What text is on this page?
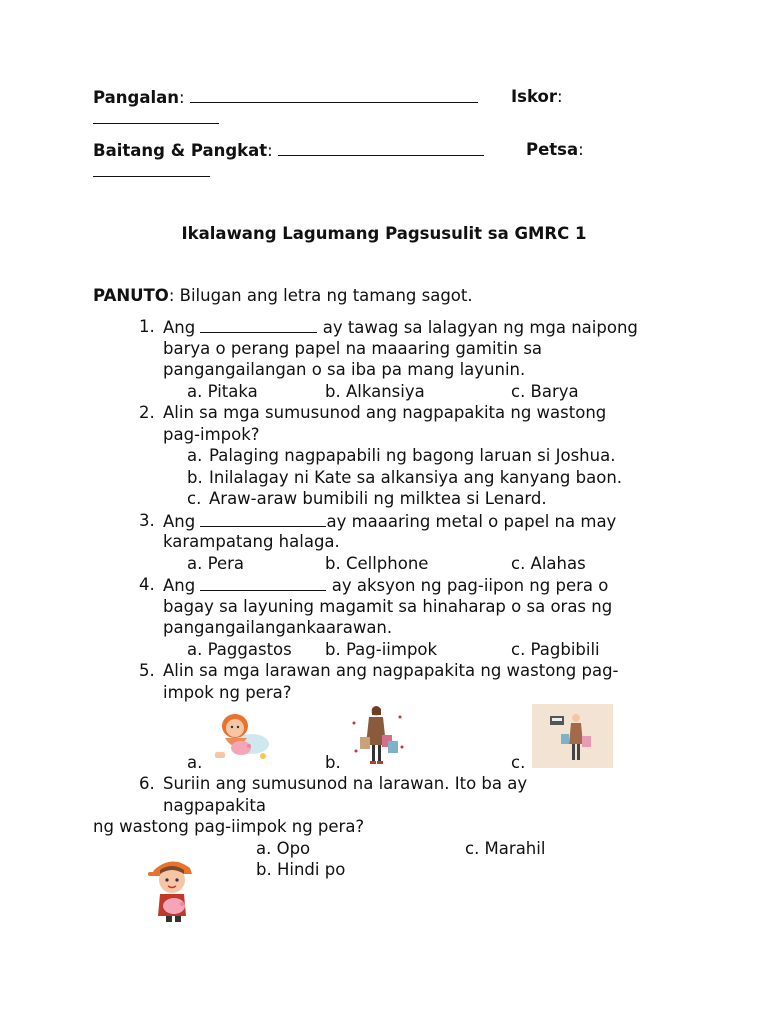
Pangalan:	Iskor:
Baitang & Pangkat:	Petsa:
Ikalawang Lagumang Pagsusulit sa GMRC 1
PANUTO: Bilugan ang letra ng tamang sagot.
1. Ang	ay tawag sa lalagyan ng mga naipong
barya o perang papel na maaaring gamitin sa
pangangailangan o sa iba pa mang layunin.
a. Pitaka	b. Alkansiya	c. Barya
2. Alin sa mga sumusunod ang nagpapakita ng wastong
pag-impok?
a. Palaging nagpapabili ng bagong laruan si Joshua.
b. Inilalagay ni Kate sa alkansiya ang kanyang baon.
c. Araw-araw bumibili ng milktea si Lenard.
3. Ang	ay maaaring metal o papel na may
karampatang halaga.
a. Pera	b. Cellphone	c. Alahas
4. Ang	ay aksyon ng pag-iipon ng pera o
bagay sa layuning magamit sa hinaharap o sa oras ng
pangangailangankaarawan.
a. Paggastos b. Pag-iimpok	c. Pagbibili
5. Alin sa mga larawan ang nagpapakita ng wastong pag-
impok ng pera?
a.	b.	c.
6. Suriin ang sumusunod na larawan. Ito ba ay
nagpapakita
ng wastong pag-iimpok ng pera?
a. Opo	c. Marahil
b. Hindi po
